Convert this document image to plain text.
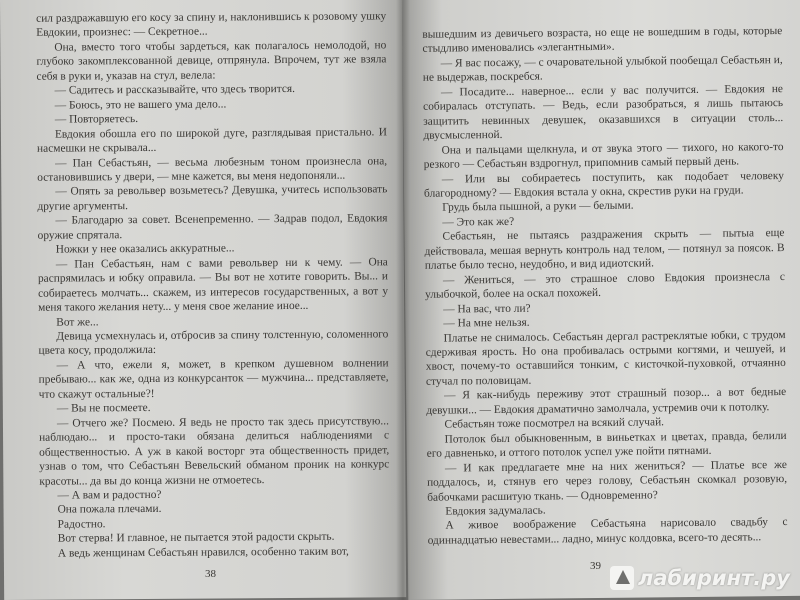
сил раздражавшую его косу за спину и, наклонившись к розовому ушку Евдокии, произнес: — Секретное...

Она, вместо того чтобы зардеться, как полагалось немолодой, но глубоко закомплексованной девице, отпрянула. Впрочем, тут же взяла себя в руки и, указав на стул, велела:

— Садитесь и рассказывайте, что здесь творится.

— Боюсь, это не вашего ума дело...

— Повторяетесь.

Евдокия обошла его по широкой дуге, разглядывая пристально. И насмешки не скрывала...

— Пан Себастьян, — весьма любезным тоном произнесла она, остановившись у двери, — мне кажется, вы меня недопоняли...

— Опять за револьвер возьметесь? Девушка, учитесь использовать другие аргументы.

— Благодарю за совет. Всенепременно. — Задрав подол, Евдокия оружие спрятала.

Ножки у нее оказались аккуратные...

— Пан Себастьян, нам с вами револьвер ни к чему. — Она распрямилась и юбку оправила. — Вы вот не хотите говорить. Вы... и собираетесь молчать... скажем, из интересов государственных, а вот у меня такого желания нету... у меня свое желание иное...

Вот же...

Девица усмехнулась и, отбросив за спину толстенную, соломенного цвета косу, продолжила:

— А что, ежели я, может, в крепком душевном волнении пребываю... как же, одна из конкурсанток — мужчина... представляете, что скажут остальные?!

— Вы не посмеете.

— Отчего же? Посмею. Я ведь не просто так здесь присутствую... наблюдаю... и просто-таки обязана делиться наблюдениями с общественностью. А уж в какой восторг эта общественность придет, узнав о том, что Себастьян Вевельский обманом проник на конкурс красоты... да вы до конца жизни не отмоетесь.

— А вам и радостно?

Она пожала плечами.

Радостно.

Вот стерва! И главное, не пытается этой радости скрыть.

А ведь женщинам Себастьян нравился, особенно таким вот,

вышедшим из девичьего возраста, но еще не вошедшим в годы, которые стыдливо именовались «элегантными».

— Я вас посажу, — с очаровательной улыбкой пообещал Себастьян и, не выдержав, поскребся.

— Посадите... наверное... если у вас получится. — Евдокия не собиралась отступать. — Ведь, если разобраться, я лишь пытаюсь защитить невинных девушек, оказавшихся в ситуации столь... двусмысленной.

Она и пальцами щелкнула, и от звука этого — тихого, но какого-то резкого — Себастьян вздрогнул, припомнив самый первый день.

— Или вы собираетесь поступить, как подобает человеку благородному? — Евдокия встала у окна, скрестив руки на груди.

Грудь была пышной, а руки — белыми.

— Это как же?

Себастьян, не пытаясь раздражения скрыть — пытыа еще действовала, мешая вернуть контроль над телом, — потянул за поясок. В платье было тесно, неудобно, и вид идиотский.

— Жениться, — это страшное слово Евдокия произнесла с улыбочкой, более на оскал похожей.

— На вас, что ли?

— На мне нельзя.

Платье не снималось. Себастьян дергал растреклятые юбки, с трудом сдерживая ярость. Но она пробивалась острыми когтями, и чешуей, и хвост, почему-то оставшийся тонким, с кисточкой-пуховкой, отчаянно стучал по половицам.

— Я как-нибудь переживу этот страшный позор... а вот бедные девушки... — Евдокия драматично замолчала, устремив очи к потолку.

Себастьян тоже посмотрел на всякий случай.

Потолок был обыкновенным, в виньетках и цветах, правда, белили его давненько, и оттого потолок успел уже пойти пятнами.

— И как предлагаете мне на них жениться? — Платье все же поддалось, и, стянув его через голову, Себастьян скомкал розовую, бабочками расшитую ткань. — Одновременно?

Евдокия задумалась.

А живое воображение Себастьяна нарисовало свадьбу с одиннадцатью невестами... ладно, минус колдовка, всего-то десять...

38
39 лабиринт.ру
